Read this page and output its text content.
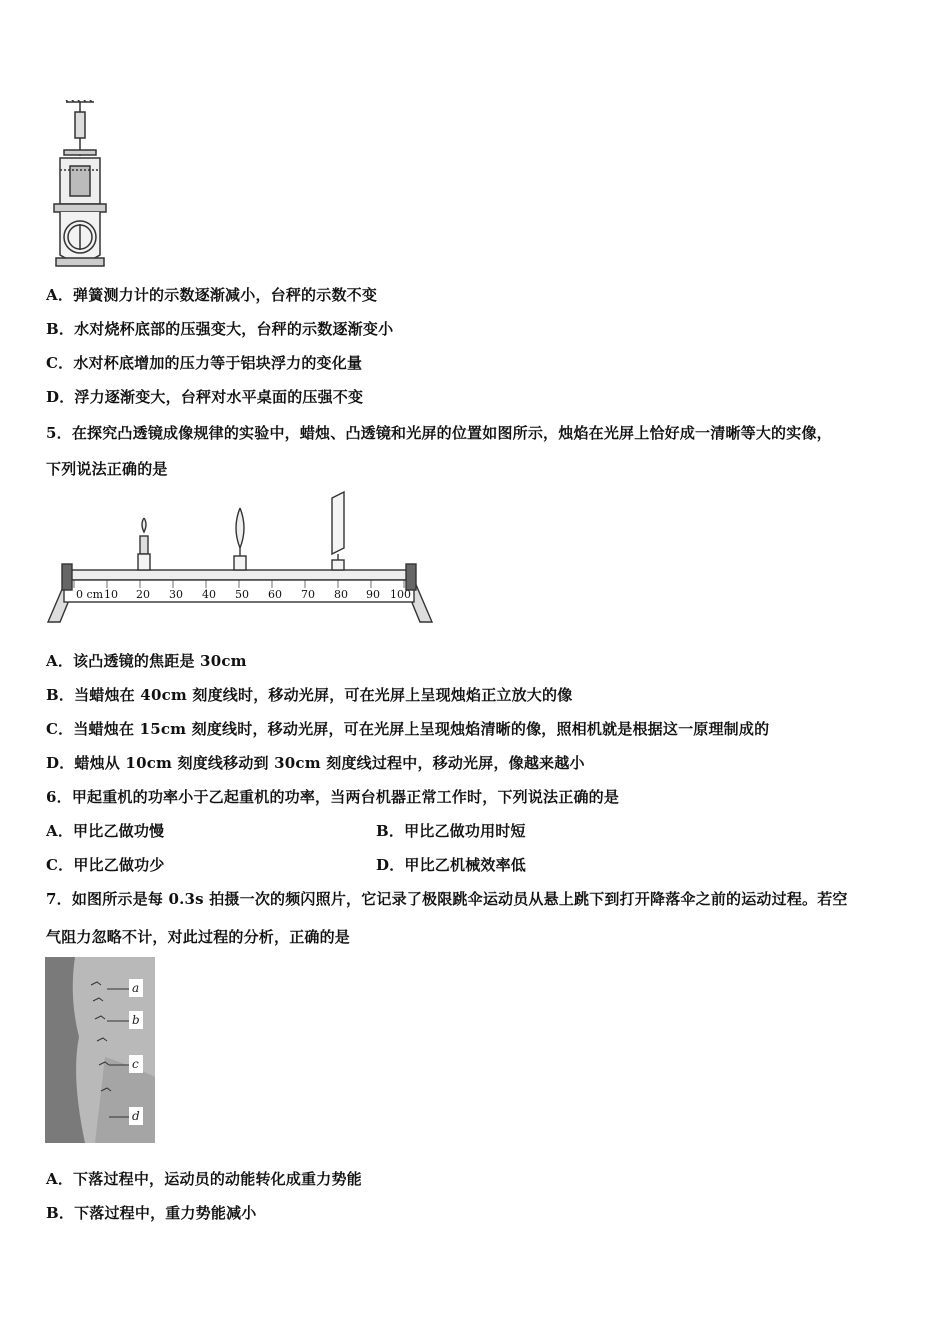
A．弹簧测力计的示数逐渐减小，台秤的示数不变
B．水对烧杯底部的压强变大，台秤的示数逐渐变小
C．水对杯底增加的压力等于铝块浮力的变化量
D．浮力逐渐变大，台秤对水平桌面的压强不变
5．在探究凸透镜成像规律的实验中，蜡烛、凸透镜和光屏的位置如图所示，烛焰在光屏上恰好成一清晰等大的实像，
下列说法正确的是
0 cm 10 20 30 40 50 60 70 80 90 100
A．该凸透镜的焦距是 30cm
B．当蜡烛在 40cm 刻度线时，移动光屏，可在光屏上呈现烛焰正立放大的像
C．当蜡烛在 15cm 刻度线时，移动光屏，可在光屏上呈现烛焰清晰的像，照相机就是根据这一原理制成的
D．蜡烛从 10cm 刻度线移动到 30cm 刻度线过程中，移动光屏，像越来越小
6．甲起重机的功率小于乙起重机的功率，当两台机器正常工作时，下列说法正确的是
A．甲比乙做功慢	B．甲比乙做功用时短
C．甲比乙做功少	D．甲比乙机械效率低
7．如图所示是每 0.3s 拍摄一次的频闪照片，它记录了极限跳伞运动员从悬上跳下到打开降落伞之前的运动过程。若空
气阻力忽略不计，对此过程的分析，正确的是
a
b
c
d
A．下落过程中，运动员的动能转化成重力势能
B．下落过程中，重力势能减小
